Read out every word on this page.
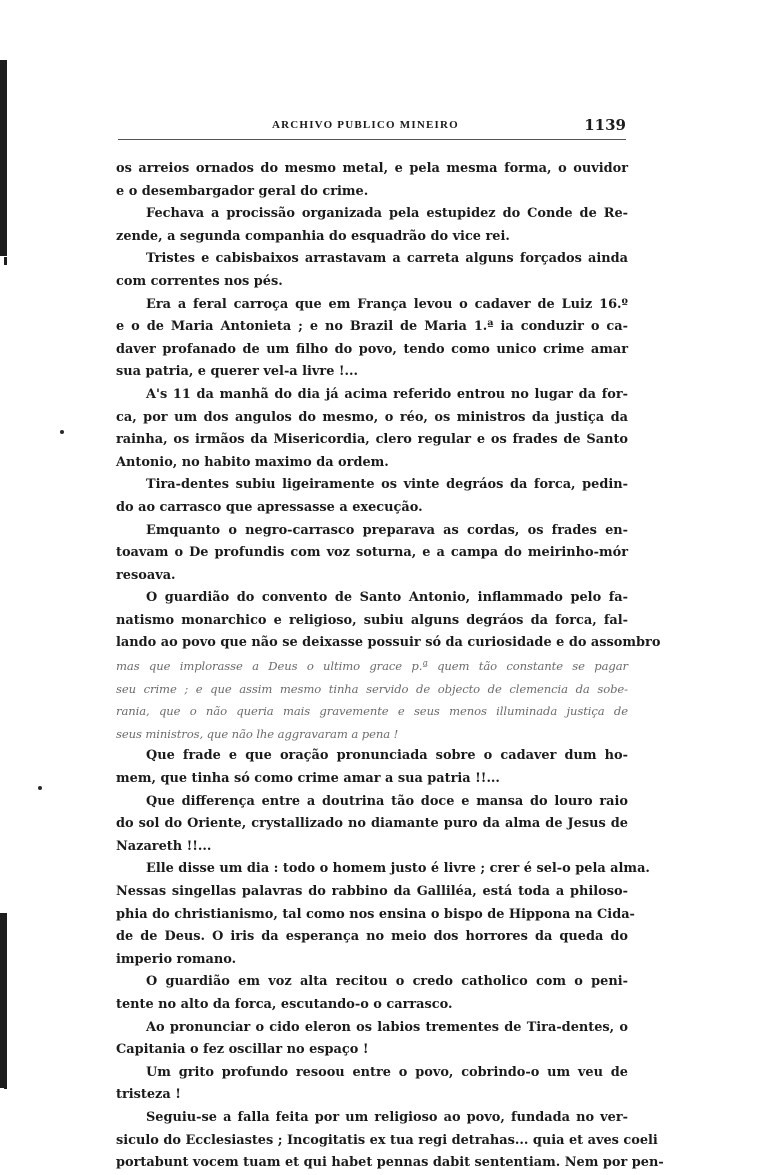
ARCHIVO PUBLICO MINEIRO	1139
os arreios ornados do mesmo metal, e pela mesma forma, o ouvidor
e o desembargador geral do crime.
Fechava a procissão organizada pela estupidez do Conde de Re-
zende, a segunda companhia do esquadrão do vice rei.
Tristes e cabisbaixos arrastavam a carreta alguns forçados ainda
com correntes nos pés.
Era a feral carroça que em França levou o cadaver de Luiz 16.º
e o de Maria Antonieta ; e no Brazil de Maria 1.ª ia conduzir o ca-
daver profanado de um filho do povo, tendo como unico crime amar
sua patria, e querer vel-a livre !...
A's 11 da manhã do dia já acima referido entrou no lugar da for-
ca, por um dos angulos do mesmo, o réo, os ministros da justiça da
rainha, os irmãos da Misericordia, clero regular e os frades de Santo
Antonio, no habito maximo da ordem.
Tira-dentes subiu ligeiramente os vinte degráos da forca, pedin-
do ao carrasco que apressasse a execução.
Emquanto o negro-carrasco preparava as cordas, os frades en-
toavam o De profundis com voz soturna, e a campa do meirinho-mór
resoava.
O guardião do convento de Santo Antonio, inflammado pelo fa-
natismo monarchico e religioso, subiu alguns degráos da forca, fal-
lando ao povo que não se deixasse possuir só da curiosidade e do assombro
mas que implorasse a Deus o ultimo grace p.ª quem tão constante se pagar
seu crime ; e que assim mesmo tinha servido de objecto de clemencia da sobe-
rania, que o não queria mais gravemente e seus menos illuminada justiça de
seus ministros, que não lhe aggravaram a pena !
Que frade e que oração pronunciada sobre o cadaver dum ho-
mem, que tinha só como crime amar a sua patria !!...
Que differença entre a doutrina tão doce e mansa do louro raio
do sol do Oriente, crystallizado no diamante puro da alma de Jesus de
Nazareth !!...
Elle disse um dia : todo o homem justo é livre ; crer é sel-o pela alma.
Nessas singellas palavras do rabbino da Galliléa, está toda a philoso-
phia do christianismo, tal como nos ensina o bispo de Hippona na Cida-
de de Deus. O iris da esperança no meio dos horrores da queda do
imperio romano.
O guardião em voz alta recitou o credo catholico com o peni-
tente no alto da forca, escutando-o o carrasco.
Ao pronunciar o cido eleron os labios trementes de Tira-dentes, o
Capitania o fez oscillar no espaço !
Um grito profundo resoou entre o povo, cobrindo-o um veu de
tristeza !
Seguiu-se a falla feita por um religioso ao povo, fundada no ver-
siculo do Ecclesiastes ; Incogitatis ex tua regi detrahas... quia et aves coeli
portabunt vocem tuam et qui habet pennas dabit sententiam. Nem por pen-
